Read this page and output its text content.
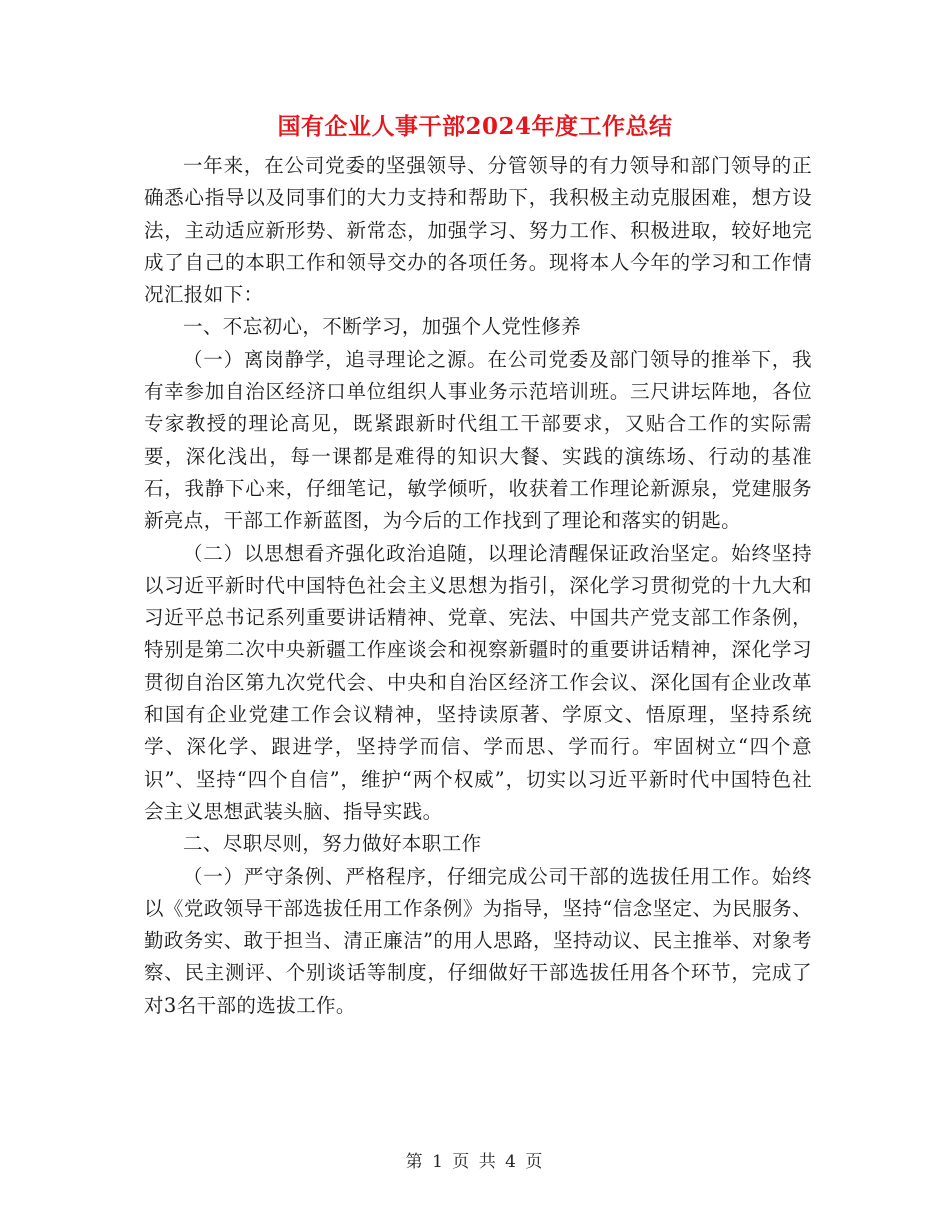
国有企业人事干部2024年度工作总结

一年来，在公司党委的坚强领导、分管领导的有力领导和部门领导的正确悉心指导以及同事们的大力支持和帮助下，我积极主动克服困难，想方设法，主动适应新形势、新常态，加强学习、努力工作、积极进取，较好地完成了自己的本职工作和领导交办的各项任务。现将本人今年的学习和工作情况汇报如下：

一、不忘初心，不断学习，加强个人党性修养

（一）离岗静学，追寻理论之源。在公司党委及部门领导的推举下，我有幸参加自治区经济口单位组织人事业务示范培训班。三尺讲坛阵地，各位专家教授的理论高见，既紧跟新时代组工干部要求，又贴合工作的实际需要，深化浅出，每一课都是难得的知识大餐、实践的演练场、行动的基准石，我静下心来，仔细笔记，敏学倾听，收获着工作理论新源泉，党建服务新亮点，干部工作新蓝图，为今后的工作找到了理论和落实的钥匙。

（二）以思想看齐强化政治追随，以理论清醒保证政治坚定。始终坚持以习近平新时代中国特色社会主义思想为指引，深化学习贯彻党的十九大和习近平总书记系列重要讲话精神、党章、宪法、中国共产党支部工作条例，特别是第二次中央新疆工作座谈会和视察新疆时的重要讲话精神，深化学习贯彻自治区第九次党代会、中央和自治区经济工作会议、深化国有企业改革和国有企业党建工作会议精神，坚持读原著、学原文、悟原理，坚持系统学、深化学、跟进学，坚持学而信、学而思、学而行。牢固树立“四个意识”、坚持“四个自信”，维护“两个权威”，切实以习近平新时代中国特色社会主义思想武装头脑、指导实践。

二、尽职尽则，努力做好本职工作

（一）严守条例、严格程序，仔细完成公司干部的选拔任用工作。始终以《党政领导干部选拔任用工作条例》为指导，坚持“信念坚定、为民服务、勤政务实、敢于担当、清正廉洁”的用人思路，坚持动议、民主推举、对象考察、民主测评、个别谈话等制度，仔细做好干部选拔任用各个环节，完成了对3名干部的选拔工作。

第 1 页 共 4 页
